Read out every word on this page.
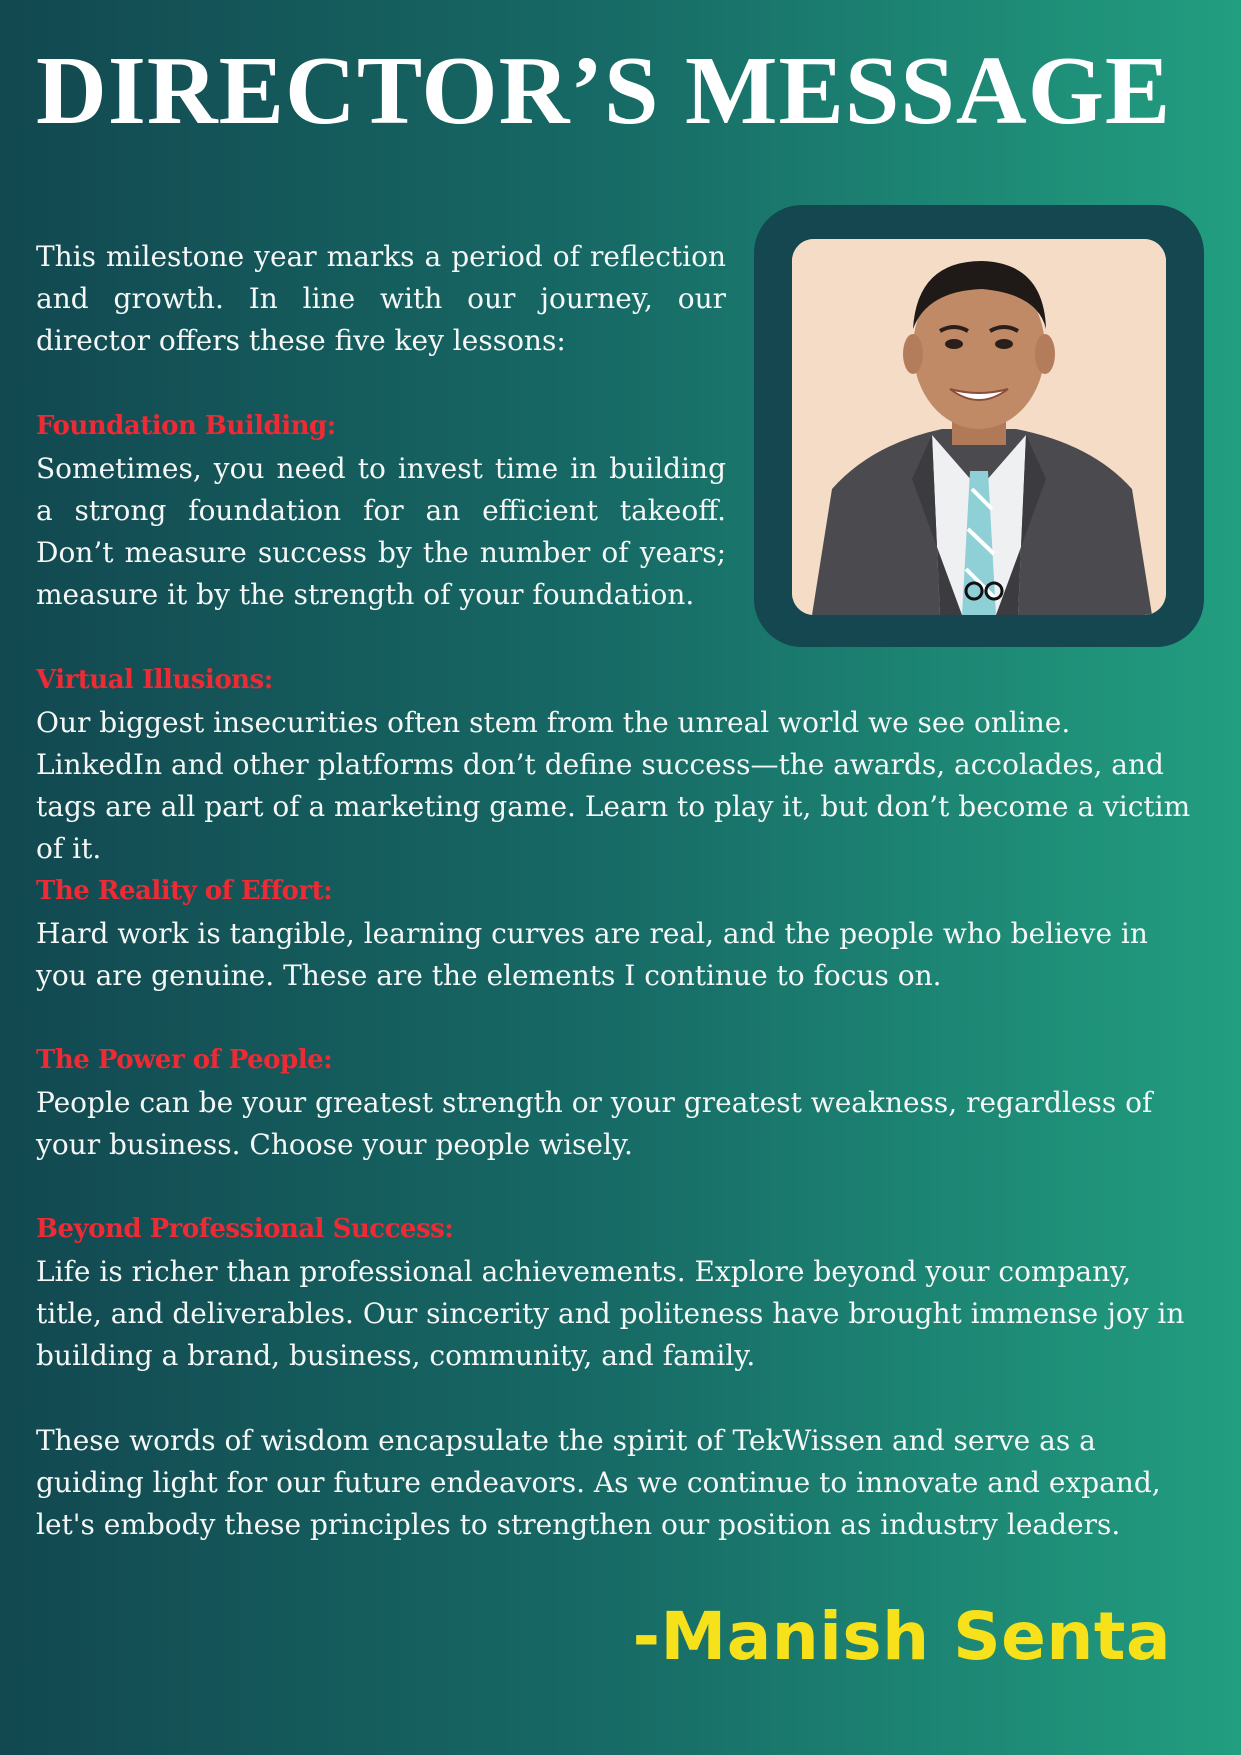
DIRECTOR’S MESSAGE

This milestone year marks a period of reflection and growth. In line with our journey, our director offers these five key lessons:

Foundation Building:

Sometimes, you need to invest time in building a strong foundation for an efficient takeoff. Don’t measure success by the number of years; measure it by the strength of your foundation.

Virtual Illusions:

Our biggest insecurities often stem from the unreal world we see online. LinkedIn and other platforms don’t define success—the awards, accolades, and tags are all part of a marketing game. Learn to play it, but don’t become a victim of it.

The Reality of Effort:

Hard work is tangible, learning curves are real, and the people who believe in you are genuine. These are the elements I continue to focus on.

The Power of People:

People can be your greatest strength or your greatest weakness, regardless of your business. Choose your people wisely.

Beyond Professional Success:

Life is richer than professional achievements. Explore beyond your company, title, and deliverables. Our sincerity and politeness have brought immense joy in building a brand, business, community, and family.

These words of wisdom encapsulate the spirit of TekWissen and serve as a guiding light for our future endeavors. As we continue to innovate and expand, let's embody these principles to strengthen our position as industry leaders.

-Manish Senta
